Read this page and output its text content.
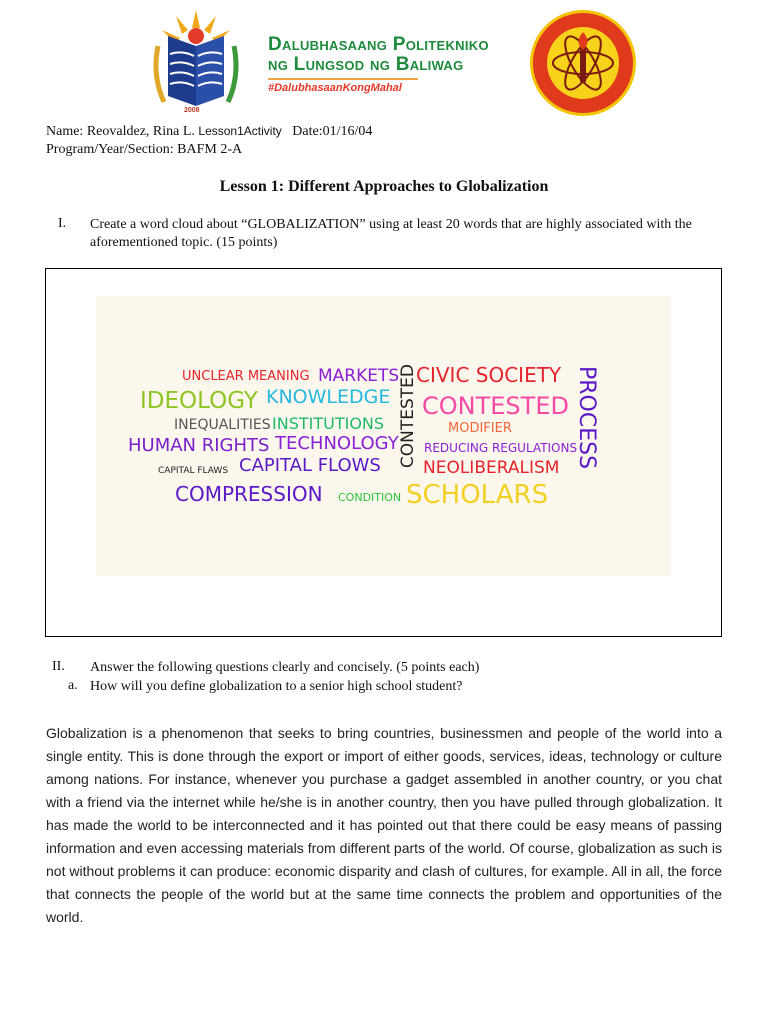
2008
Dalubhasaang Politekniko
ng Lungsod ng Baliwag
#DalubhasaanKongMahal
Name: Reovaldez, Rina L. Lesson1Activity Date:01/16/04
Program/Year/Section: BAFM 2-A
Lesson 1: Different Approaches to Globalization
I. Create a word cloud about “GLOBALIZATION” using at least 20 words that are highly associated with the aforementioned topic. (15 points)
UNCLEAR MEANING MARKETS CIVIC SOCIETY PROCESS
IDEOLOGY KNOWLEDGE CONTESTED CONTESTED
INEQUALITIES INSTITUTIONS	MODIFIER
HUMAN RIGHTS TECHNOLOGY REDUCING REGULATIONS
CAPITAL FLAWS CAPITAL FLOWS NEOLIBERALISM
COMPRESSION CONDITION SCHOLARS
II. Answer the following questions clearly and concisely. (5 points each)
a. How will you define globalization to a senior high school student?
Globalization is a phenomenon that seeks to bring countries, businessmen and people of the world into a single entity. This is done through the export or import of either goods, services, ideas, technology or culture among nations. For instance, whenever you purchase a gadget assembled in another country, or you chat with a friend via the internet while he/she is in another country, then you have pulled through globalization. It has made the world to be interconnected and it has pointed out that there could be easy means of passing information and even accessing materials from different parts of the world. Of course, globalization as such is not without problems it can produce: economic disparity and clash of cultures, for example. All in all, the force that connects the people of the world but at the same time connects the problem and opportunities of the world.
